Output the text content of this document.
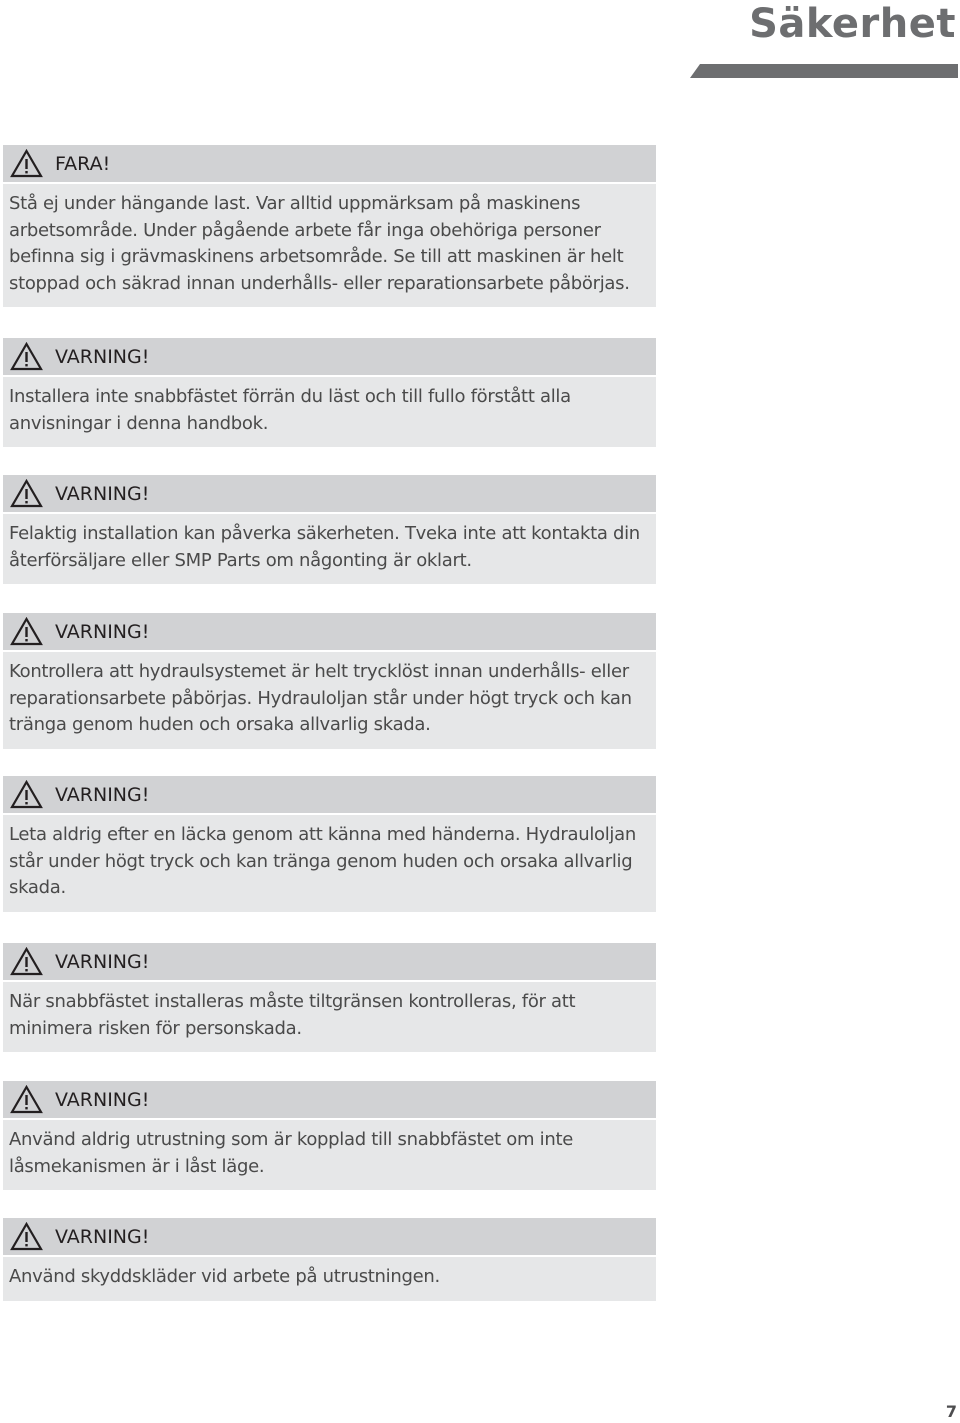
Säkerhet
FARA!
Stå ej under hängande last. Var alltid uppmärksam på maskinens arbetsområde. Under pågående arbete får inga obehöriga personer befinna sig i grävmaskinens arbetsområde. Se till att maskinen är helt stoppad och säkrad innan underhålls- eller reparationsarbete påbörjas.
VARNING!
Installera inte snabbfästet förrän du läst och till fullo förstått alla anvisningar i denna handbok.
VARNING!
Felaktig installation kan påverka säkerheten. Tveka inte att kontakta din återförsäljare eller SMP Parts om någonting är oklart.
VARNING!
Kontrollera att hydraulsystemet är helt trycklöst innan underhålls- eller reparationsarbete påbörjas. Hydrauloljan står under högt tryck och kan tränga genom huden och orsaka allvarlig skada.
VARNING!
Leta aldrig efter en läcka genom att känna med händerna. Hydrauloljan står under högt tryck och kan tränga genom huden och orsaka allvarlig skada.
VARNING!
När snabbfästet installeras måste tiltgränsen kontrolleras, för att minimera risken för personskada.
VARNING!
Använd aldrig utrustning som är kopplad till snabbfästet om inte låsmekanismen är i låst läge.
VARNING!
Använd skyddskläder vid arbete på utrustningen.
7
